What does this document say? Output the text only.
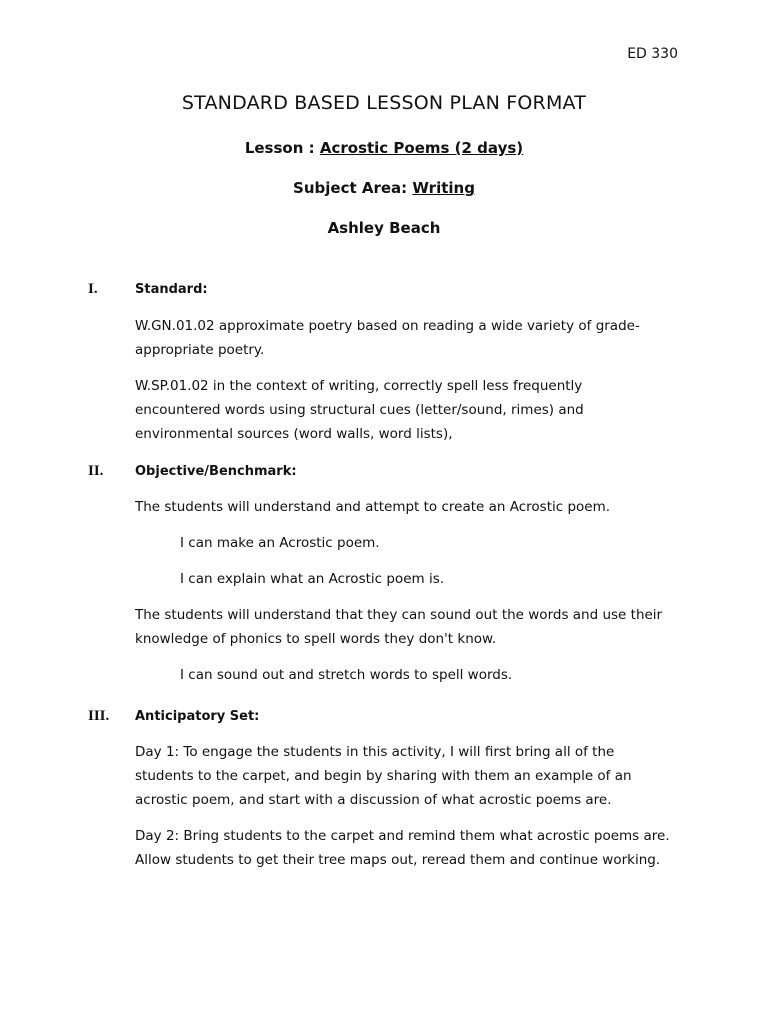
ED 330
STANDARD BASED LESSON PLAN FORMAT
Lesson : Acrostic Poems (2 days)
Subject Area: Writing
Ashley Beach
I.	Standard:
W.GN.01.02 approximate poetry based on reading a wide variety of grade-appropriate poetry.
W.SP.01.02 in the context of writing, correctly spell less frequently encountered words using structural cues (letter/sound, rimes) and environmental sources (word walls, word lists),
II.	Objective/Benchmark:
The students will understand and attempt to create an Acrostic poem.
I can make an Acrostic poem.
I can explain what an Acrostic poem is.
The students will understand that they can sound out the words and use their knowledge of phonics to spell words they don't know.
I can sound out and stretch words to spell words.
III.	Anticipatory Set:
Day 1: To engage the students in this activity, I will first bring all of the students to the carpet, and begin by sharing with them an example of an acrostic poem, and start with a discussion of what acrostic poems are.
Day 2: Bring students to the carpet and remind them what acrostic poems are. Allow students to get their tree maps out, reread them and continue working.
